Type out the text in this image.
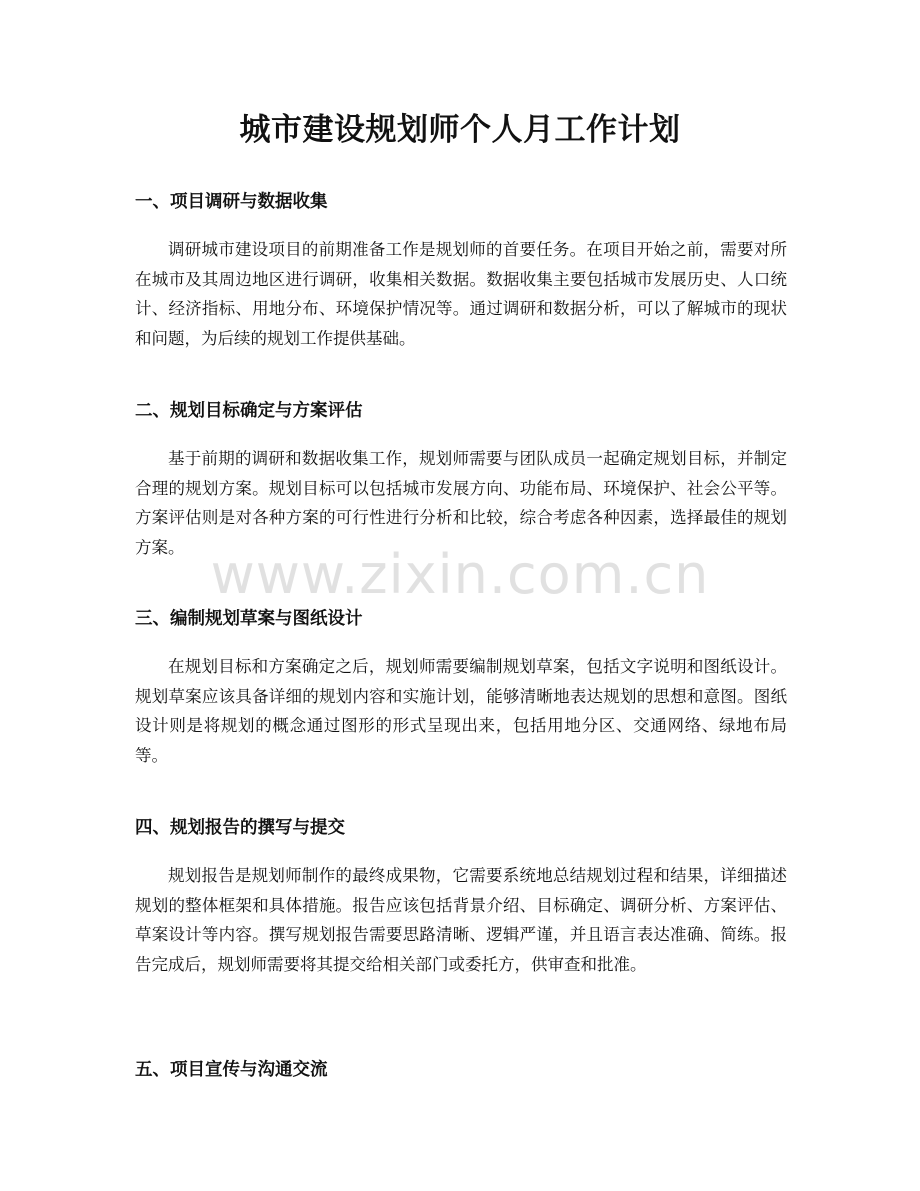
城市建设规划师个人月工作计划
一、项目调研与数据收集

调研城市建设项目的前期准备工作是规划师的首要任务。在项目开始之前，需要对所在城市及其周边地区进行调研，收集相关数据。数据收集主要包括城市发展历史、人口统计、经济指标、用地分布、环境保护情况等。通过调研和数据分析，可以了解城市的现状和问题，为后续的规划工作提供基础。

二、规划目标确定与方案评估

基于前期的调研和数据收集工作，规划师需要与团队成员一起确定规划目标，并制定合理的规划方案。规划目标可以包括城市发展方向、功能布局、环境保护、社会公平等。方案评估则是对各种方案的可行性进行分析和比较，综合考虑各种因素，选择最佳的规划方案。

三、编制规划草案与图纸设计

在规划目标和方案确定之后，规划师需要编制规划草案，包括文字说明和图纸设计。规划草案应该具备详细的规划内容和实施计划，能够清晰地表达规划的思想和意图。图纸设计则是将规划的概念通过图形的形式呈现出来，包括用地分区、交通网络、绿地布局等。

四、规划报告的撰写与提交

规划报告是规划师制作的最终成果物，它需要系统地总结规划过程和结果，详细描述规划的整体框架和具体措施。报告应该包括背景介绍、目标确定、调研分析、方案评估、草案设计等内容。撰写规划报告需要思路清晰、逻辑严谨，并且语言表达准确、简练。报告完成后，规划师需要将其提交给相关部门或委托方，供审查和批准。

五、项目宣传与沟通交流
www.zixin.com.cn
